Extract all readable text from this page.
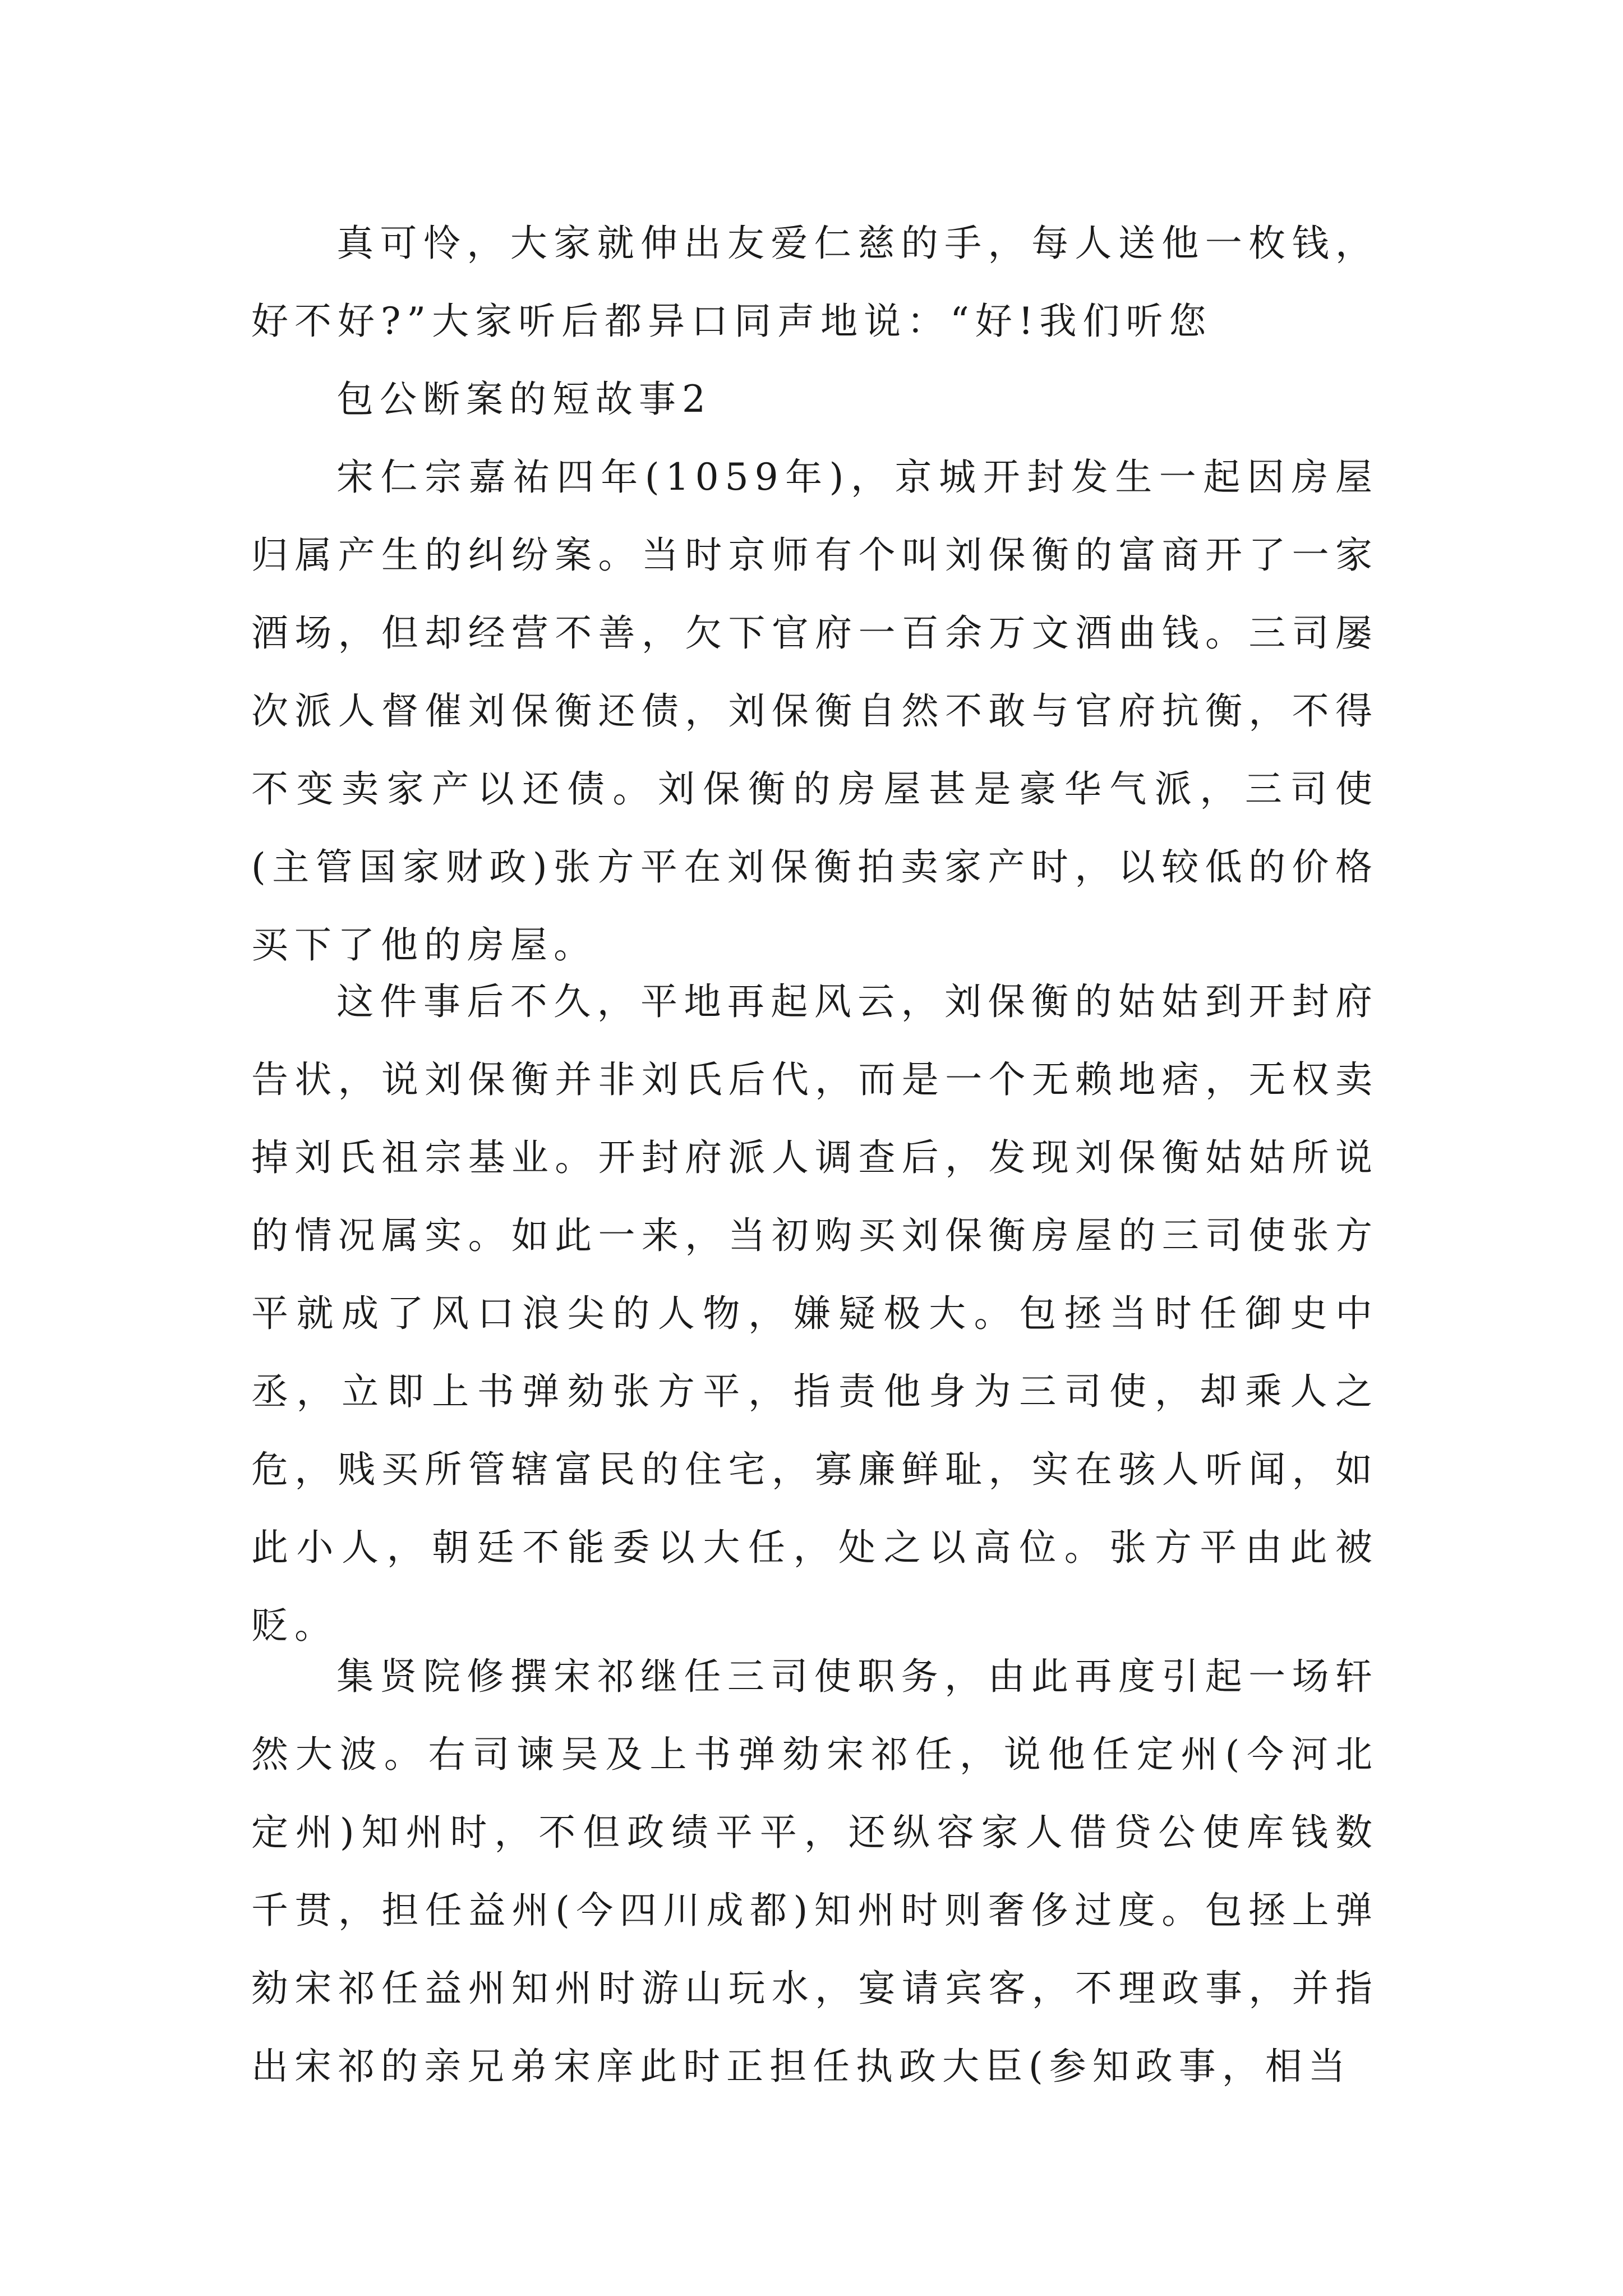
真可怜，大家就伸出友爱仁慈的手，每人送他一枚钱，好不好?”大家听后都异口同声地说：“好!我们听您

包公断案的短故事2

宋仁宗嘉祐四年(1059年)，京城开封发生一起因房屋归属产生的纠纷案。当时京师有个叫刘保衡的富商开了一家酒场，但却经营不善，欠下官府一百余万文酒曲钱。三司屡次派人督催刘保衡还债，刘保衡自然不敢与官府抗衡，不得不变卖家产以还债。刘保衡的房屋甚是豪华气派，三司使(主管国家财政)张方平在刘保衡拍卖家产时，以较低的价格买下了他的房屋。

这件事后不久，平地再起风云，刘保衡的姑姑到开封府告状，说刘保衡并非刘氏后代，而是一个无赖地痞，无权卖掉刘氏祖宗基业。开封府派人调查后，发现刘保衡姑姑所说的情况属实。如此一来，当初购买刘保衡房屋的三司使张方平就成了风口浪尖的人物，嫌疑极大。包拯当时任御史中丞，立即上书弹劾张方平，指责他身为三司使，却乘人之危，贱买所管辖富民的住宅，寡廉鲜耻，实在骇人听闻，如此小人，朝廷不能委以大任，处之以高位。张方平由此被贬。

集贤院修撰宋祁继任三司使职务，由此再度引起一场轩然大波。右司谏吴及上书弹劾宋祁任，说他任定州(今河北定州)知州时，不但政绩平平，还纵容家人借贷公使库钱数千贯，担任益州(今四川成都)知州时则奢侈过度。包拯上弹劾宋祁任益州知州时游山玩水，宴请宾客，不理政事，并指出宋祁的亲兄弟宋庠此时正担任执政大臣(参知政事，相当
